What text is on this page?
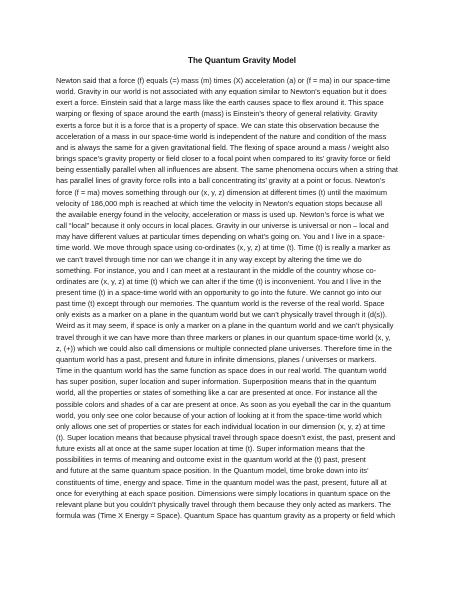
The Quantum Gravity Model
Newton said that a force (f) equals (=) mass (m) times (X) acceleration (a) or (f = ma) in our space-time
world. Gravity in our world is not associated with any equation similar to Newton’s equation but it does
exert a force. Einstein said that a large mass like the earth causes space to flex around it. This space
warping or flexing of space around the earth (mass) is Einstein’s theory of general relativity. Gravity
exerts a force but it is a force that is a property of space. We can state this observation because the
acceleration of a mass in our space-time world is independent of the nature and condition of the mass
and is always the same for a given gravitational field. The flexing of space around a mass / weight also
brings space’s gravity property or field closer to a focal point when compared to its’ gravity force or field
being essentially parallel when all influences are absent. The same phenomena occurs when a string that
has parallel lines of gravity force rolls into a ball concentrating its’ gravity at a point or focus. Newton’s
force (f = ma) moves something through our (x, y, z) dimension at different times (t) until the maximum
velocity of 186,000 mph is reached at which time the velocity in Newton’s equation stops because all
the available energy found in the velocity, acceleration or mass is used up. Newton’s force is what we
call “local” because it only occurs in local places. Gravity in our universe is universal or non – local and
may have different values at particular times depending on what’s going on. You and I live in a space-
time world. We move through space using co-ordinates (x, y, z) at time (t). Time (t) is really a marker as
we can’t travel through time nor can we change it in any way except by altering the time we do
something. For instance, you and I can meet at a restaurant in the middle of the country whose co-
ordinates are (x, y, z) at time (t) which we can alter if the time (t) is inconvenient. You and I live in the
present time (t) in a space-time world with an opportunity to go into the future. We cannot go into our
past time (t) except through our memories. The quantum world is the reverse of the real world. Space
only exists as a marker on a plane in the quantum world but we can’t physically travel through it (d(s)).
Weird as it may seem, if space is only a marker on a plane in the quantum world and we can’t physically
travel through it we can have more than three markers or planes in our quantum space-time world (x, y,
z, (+)) which we could also call dimensions or multiple connected plane universes. Therefore time in the
quantum world has a past, present and future in infinite dimensions, planes / universes or markers.
Time in the quantum world has the same function as space does in our real world. The quantum world
has super position, super location and super information. Superposition means that in the quantum
world, all the properties or states of something like a car are presented at once. For instance all the
possible colors and shades of a car are present at once. As soon as you eyeball the car in the quantum
world, you only see one color because of your action of looking at it from the space-time world which
only allows one set of properties or states for each individual location in our dimension (x, y, z) at time
(t). Super location means that because physical travel through space doesn’t exist, the past, present and
future exists all at once at the same super location at time (t). Super information means that the
possibilities in terms of meaning and outcome exist in the quantum world at the (t) past, present
and future at the same quantum space position. In the Quantum model, time broke down into its’
constituents of time, energy and space. Time in the quantum model was the past, present, future all at
once for everything at each space position. Dimensions were simply locations in quantum space on the
relevant plane but you couldn’t physically travel through them because they only acted as markers. The
formula was (Time X Energy = Space). Quantum Space has quantum gravity as a property or field which
